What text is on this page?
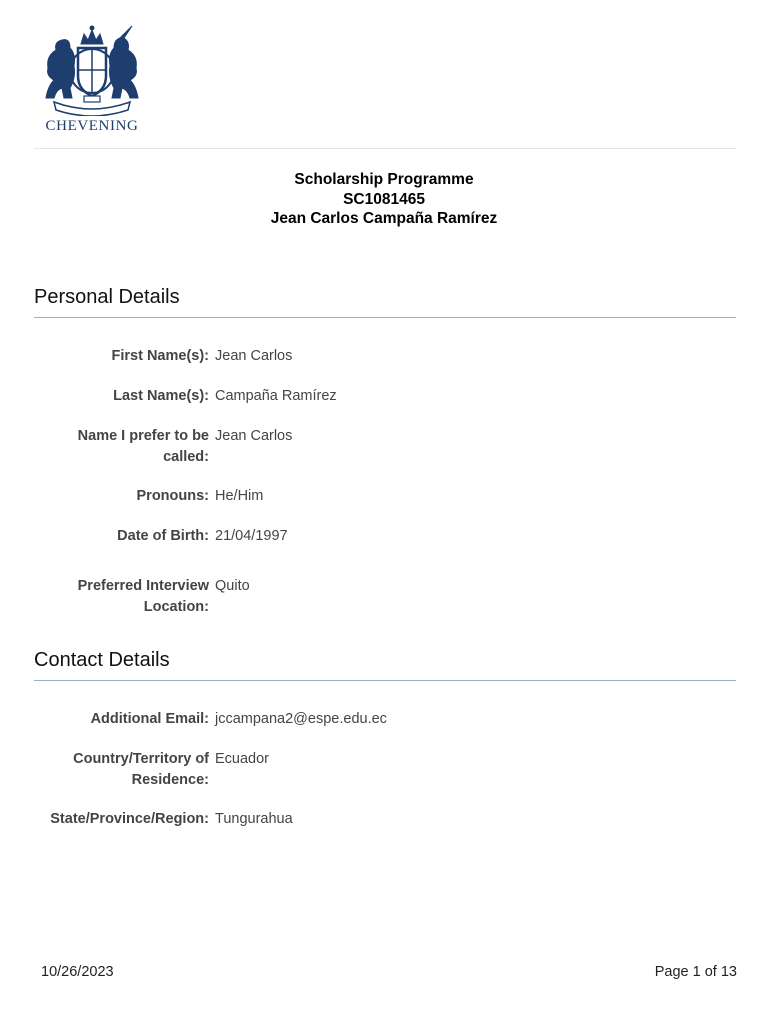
CHEVENING
Scholarship Programme
SC1081465
Jean Carlos Campaña Ramírez
Personal Details
First Name(s): Jean Carlos
Last Name(s): Campaña Ramírez
Name I prefer to be called:
Jean Carlos
Pronouns: He/Him
Date of Birth: 21/04/1997
Preferred Interview Location:
Quito
Contact Details
Additional Email: jccampana2@espe.edu.ec
Country/Territory of Residence:
Ecuador
State/Province/Region: Tungurahua
10/26/2023	Page 1 of 13
